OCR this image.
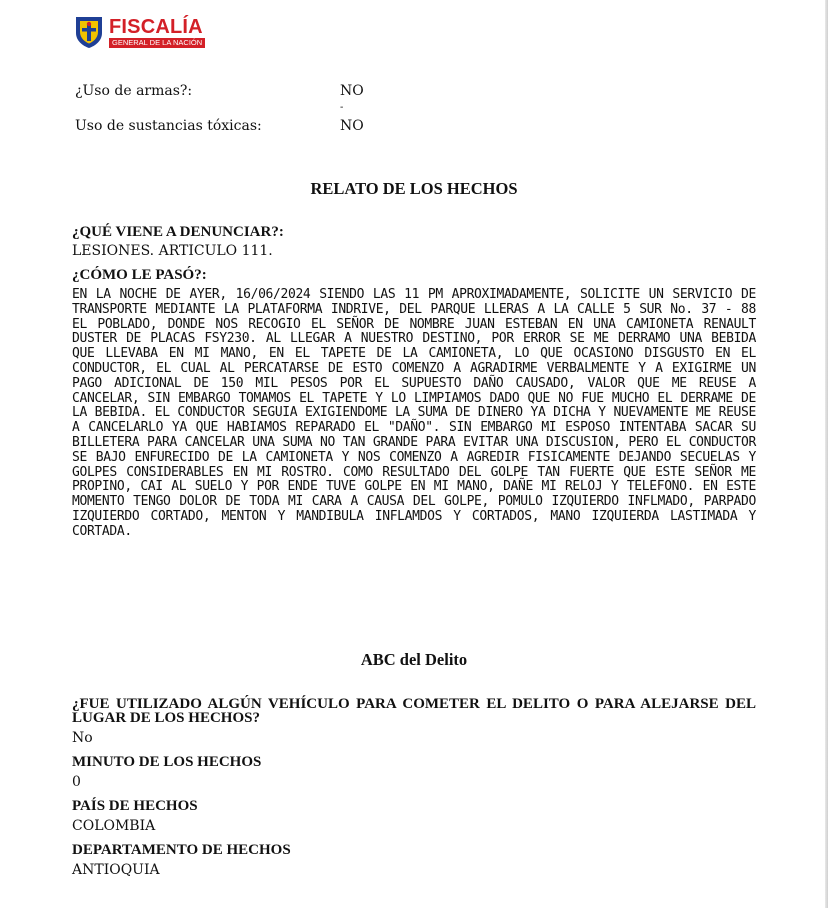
FISCALÍA
GENERAL DE LA NACIÓN
¿Uso de armas?:	NO
-
Uso de sustancias tóxicas:	NO
RELATO DE LOS HECHOS
¿QUÉ VIENE A DENUNCIAR?:
LESIONES. ARTICULO 111.
¿CÓMO LE PASÓ?:
EN LA NOCHE DE AYER, 16/06/2024 SIENDO LAS 11 PM APROXIMADAMENTE, SOLICITE UN SERVICIO DE TRANSPORTE MEDIANTE LA PLATAFORMA INDRIVE, DEL PARQUE LLERAS A LA CALLE 5 SUR No. 37 - 88 EL POBLADO, DONDE NOS RECOGIO EL SEÑOR DE NOMBRE JUAN ESTEBAN EN UNA CAMIONETA RENAULT DUSTER DE PLACAS FSY230. AL LLEGAR A NUESTRO DESTINO, POR ERROR SE ME DERRAMO UNA BEBIDA QUE LLEVABA EN MI MANO, EN EL TAPETE DE LA CAMIONETA, LO QUE OCASIONO DISGUSTO EN EL CONDUCTOR, EL CUAL AL PERCATARSE DE ESTO COMENZO A AGRADIRME VERBALMENTE Y A EXIGIRME UN PAGO ADICIONAL DE 150 MIL PESOS POR EL SUPUESTO DAÑO CAUSADO, VALOR QUE ME REUSE A CANCELAR, SIN EMBARGO TOMAMOS EL TAPETE Y LO LIMPIAMOS DADO QUE NO FUE MUCHO EL DERRAME DE LA BEBIDA. EL CONDUCTOR SEGUIA EXIGIENDOME LA SUMA DE DINERO YA DICHA Y NUEVAMENTE ME REUSE A CANCELARLO YA QUE HABIAMOS REPARADO EL "DAÑO". SIN EMBARGO MI ESPOSO INTENTABA SACAR SU BILLETERA PARA CANCELAR UNA SUMA NO TAN GRANDE PARA EVITAR UNA DISCUSION, PERO EL CONDUCTOR SE BAJO ENFURECIDO DE LA CAMIONETA Y NOS COMENZO A AGREDIR FISICAMENTE DEJANDO SECUELAS Y GOLPES CONSIDERABLES EN MI ROSTRO. COMO RESULTADO DEL GOLPE TAN FUERTE QUE ESTE SEÑOR ME PROPINO, CAI AL SUELO Y POR ENDE TUVE GOLPE EN MI MANO, DAÑE MI RELOJ Y TELEFONO. EN ESTE MOMENTO TENGO DOLOR DE TODA MI CARA A CAUSA DEL GOLPE, POMULO IZQUIERDO INFLMADO, PARPADO IZQUIERDO CORTADO, MENTON Y MANDIBULA INFLAMDOS Y CORTADOS, MANO IZQUIERDA LASTIMADA Y CORTADA.
ABC del Delito
¿FUE UTILIZADO ALGÚN VEHÍCULO PARA COMETER EL DELITO O PARA ALEJARSE DEL LUGAR DE LOS HECHOS?
No
MINUTO DE LOS HECHOS
0
PAÍS DE HECHOS
COLOMBIA
DEPARTAMENTO DE HECHOS
ANTIOQUIA
